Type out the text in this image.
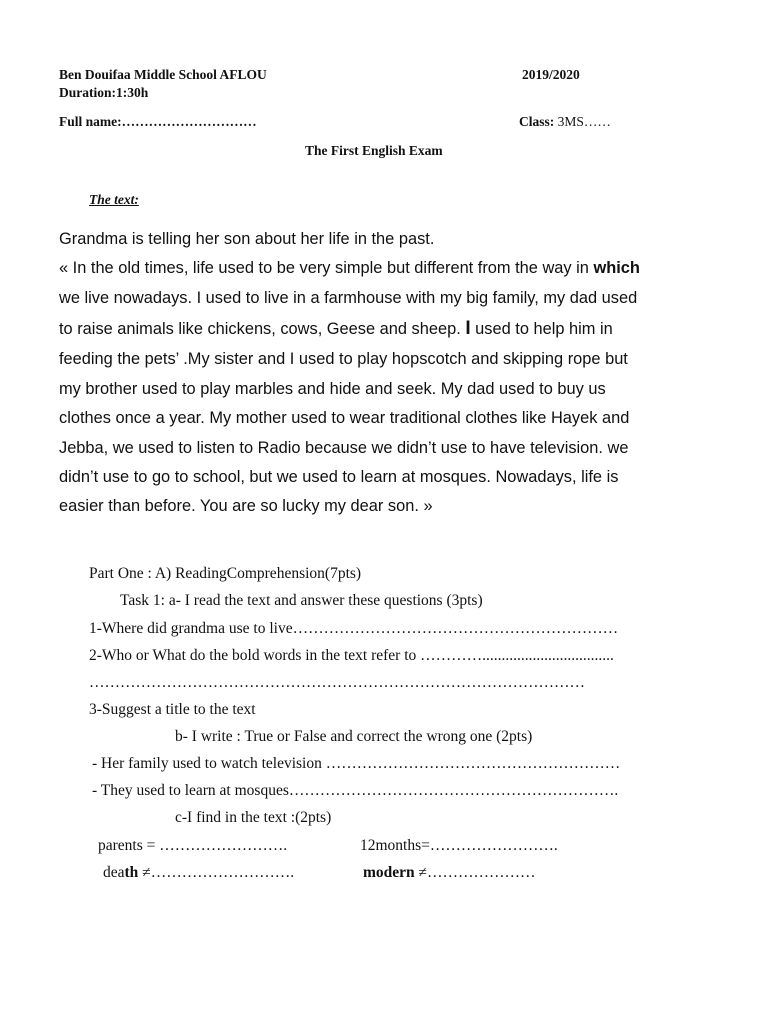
Ben Douifaa Middle School AFLOU	2019/2020
Duration:1:30h
Full name:…………………………	Class: 3MS……
The First English Exam
The text:
Grandma is telling her son about her life in the past.
« In the old times, life used to be very simple but different from the way in which
we live nowadays. I used to live in a farmhouse with my big family, my dad used
to raise animals like chickens, cows, Geese and sheep. I used to help him in
feeding the pets’ .My sister and I used to play hopscotch and skipping rope but
my brother used to play marbles and hide and seek. My dad used to buy us
clothes once a year. My mother used to wear traditional clothes like Hayek and
Jebba, we used to listen to Radio because we didn’t use to have television. we
didn’t use to go to school, but we used to learn at mosques. Nowadays, life is
easier than before. You are so lucky my dear son. »
Part One : A) ReadingComprehension(7pts)
Task 1: a- I read the text and answer these questions (3pts)
1-Where did grandma use to live………………………………………………………
2-Who or What do the bold words in the text refer to …………..................................
……………………………………………………………………………………
3-Suggest a title to the text
b- I write : True or False and correct the wrong one (2pts)
- Her family used to watch television …………………………………………………
- They used to learn at mosques……………………………………………………….
c-I find in the text :(2pts)
parents = …………………….	12months=…………………….
death ≠……………………….	modern ≠…………………
